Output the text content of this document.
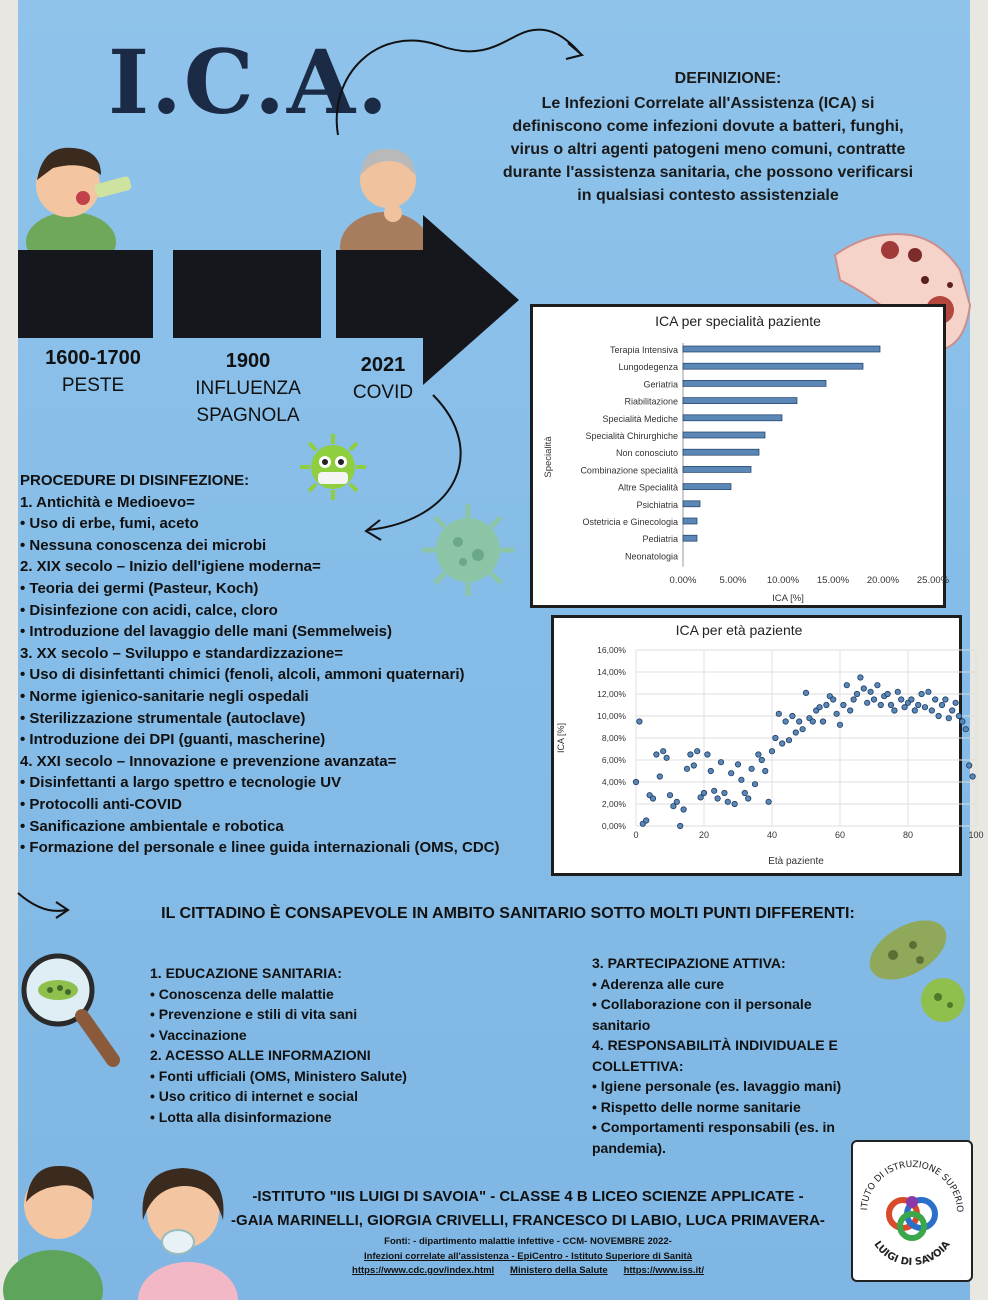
I.C.A.	DEFINIZIONE:
Le Infezioni Correlate all'Assistenza (ICA) si
definiscono come infezioni dovute a batteri, funghi,
virus o altri agenti patogeni meno comuni, contratte
durante l'assistenza sanitaria, che possono verificarsi
in qualsiasi contesto assistenziale
1600-1700
PESTE
1900
INFLUENZA
SPAGNOLA
2021
COVID
ICA per specialità paziente
Terapia Intensiva
Lungodegenza
Geriatria
Riabilitazione
Specialità Mediche
Specialità Chirurghiche
Non conosciuto
Combinazione specialità
Altre Specialità
Psichiatria
Ostetricia e Ginecologia
Pediatria
Neonatologia
0.00% 5.00% 10.00% 15.00% 20.00% 25.00%
ICA [%]
Specialità
ICA per età paziente
0,00%
2,00%
4,00%
6,00%
8,00%
10,00%
12,00%
14,00%
16,00%
0	20	40	60	80	100
Età paziente
ICA [%]
PROCEDURE DI DISINFEZIONE:
1. Antichità e Medioevo=
• Uso di erbe, fumi, aceto
• Nessuna conoscenza dei microbi
2. XIX secolo – Inizio dell'igiene moderna=
• Teoria dei germi (Pasteur, Koch)
• Disinfezione con acidi, calce, cloro
• Introduzione del lavaggio delle mani (Semmelweis)
3. XX secolo – Sviluppo e standardizzazione=
• Uso di disinfettanti chimici (fenoli, alcoli, ammoni quaternari)
• Norme igienico-sanitarie negli ospedali
• Sterilizzazione strumentale (autoclave)
• Introduzione dei DPI (guanti, mascherine)
4. XXI secolo – Innovazione e prevenzione avanzata=
• Disinfettanti a largo spettro e tecnologie UV
• Protocolli anti-COVID
• Sanificazione ambientale e robotica
• Formazione del personale e linee guida internazionali (OMS, CDC)
IL CITTADINO È CONSAPEVOLE IN AMBITO SANITARIO SOTTO MOLTI PUNTI DIFFERENTI:
1. EDUCAZIONE SANITARIA:
• Conoscenza delle malattie
• Prevenzione e stili di vita sani
• Vaccinazione
2. ACESSO ALLE INFORMAZIONI
• Fonti ufficiali (OMS, Ministero Salute)
• Uso critico di internet e social
• Lotta alla disinformazione
3. PARTECIPAZIONE ATTIVA:
• Aderenza alle cure
• Collaborazione con il personale
sanitario
4. RESPONSABILITÀ INDIVIDUALE E
COLLETTIVA:
• Igiene personale (es. lavaggio mani)
• Rispetto delle norme sanitarie
• Comportamenti responsabili (es. in
pandemia).
-ISTITUTO "IIS LUIGI DI SAVOIA" - CLASSE 4 B LICEO SCIENZE APPLICATE -
-GAIA MARINELLI, GIORGIA CRIVELLI, FRANCESCO DI LABIO, LUCA PRIMAVERA-
Fonti: - dipartimento malattie infettive - CCM- NOVEMBRE 2022-
Infezioni correlate all'assistenza - EpiCentro - Istituto Superiore di Sanità
https://www.cdc.gov/index.html Ministero della Salute https://www.iss.it/
ITUTO DI ISTRUZIONE SUPERIO
LUIGI DI SAVOIA
